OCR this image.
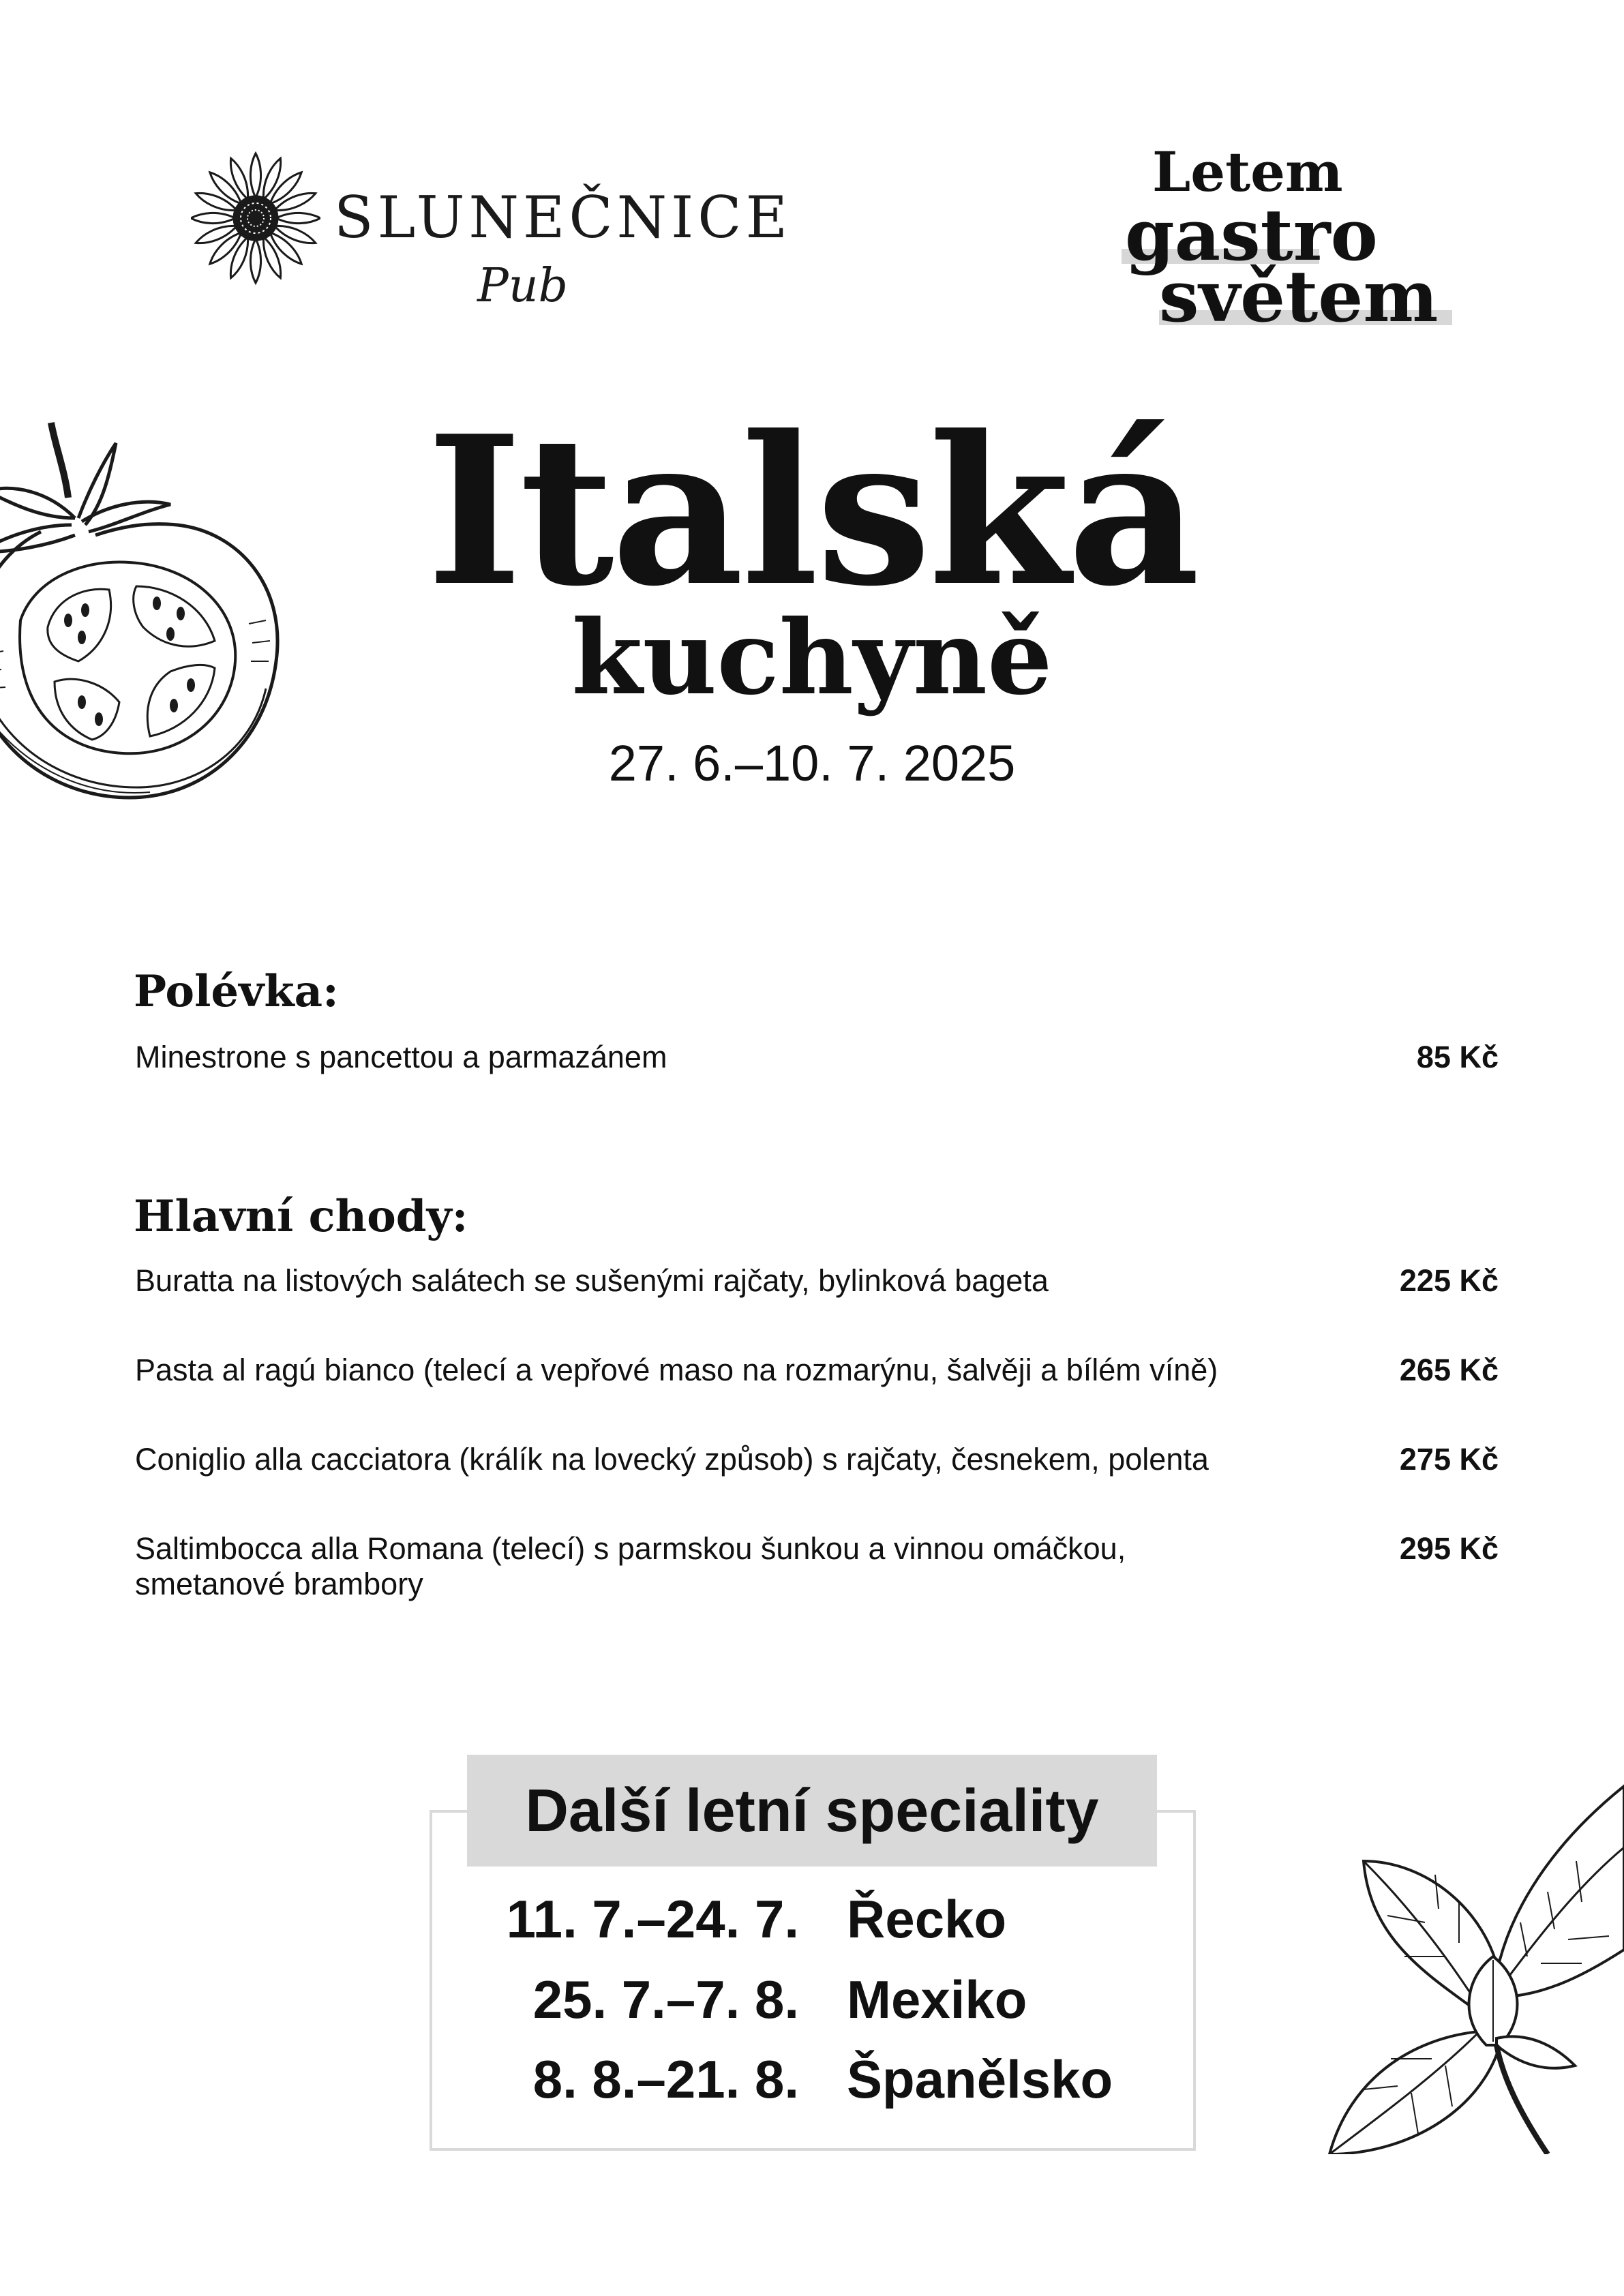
SLUNEČNICE
Pub
Letem
gastro
světem
Italská
kuchyně
27. 6.–10. 7. 2025
Polévka:
Minestrone s pancettou a parmazánem	85 Kč
Hlavní chody:
Buratta na listových salátech se sušenými rajčaty, bylinková bageta	225 Kč
Pasta al ragú bianco (telecí a vepřové maso na rozmarýnu, šalvěji a bílém víně)	265 Kč
Coniglio alla cacciatora (králík na lovecký způsob) s rajčaty, česnekem, polenta	275 Kč
Saltimbocca alla Romana (telecí) s parmskou šunkou a vinnou omáčkou,
smetanové brambory
295 Kč
Další letní speciality
11. 7.–24. 7. Řecko
25. 7.–7. 8. Mexiko
8. 8.–21. 8. Španělsko
